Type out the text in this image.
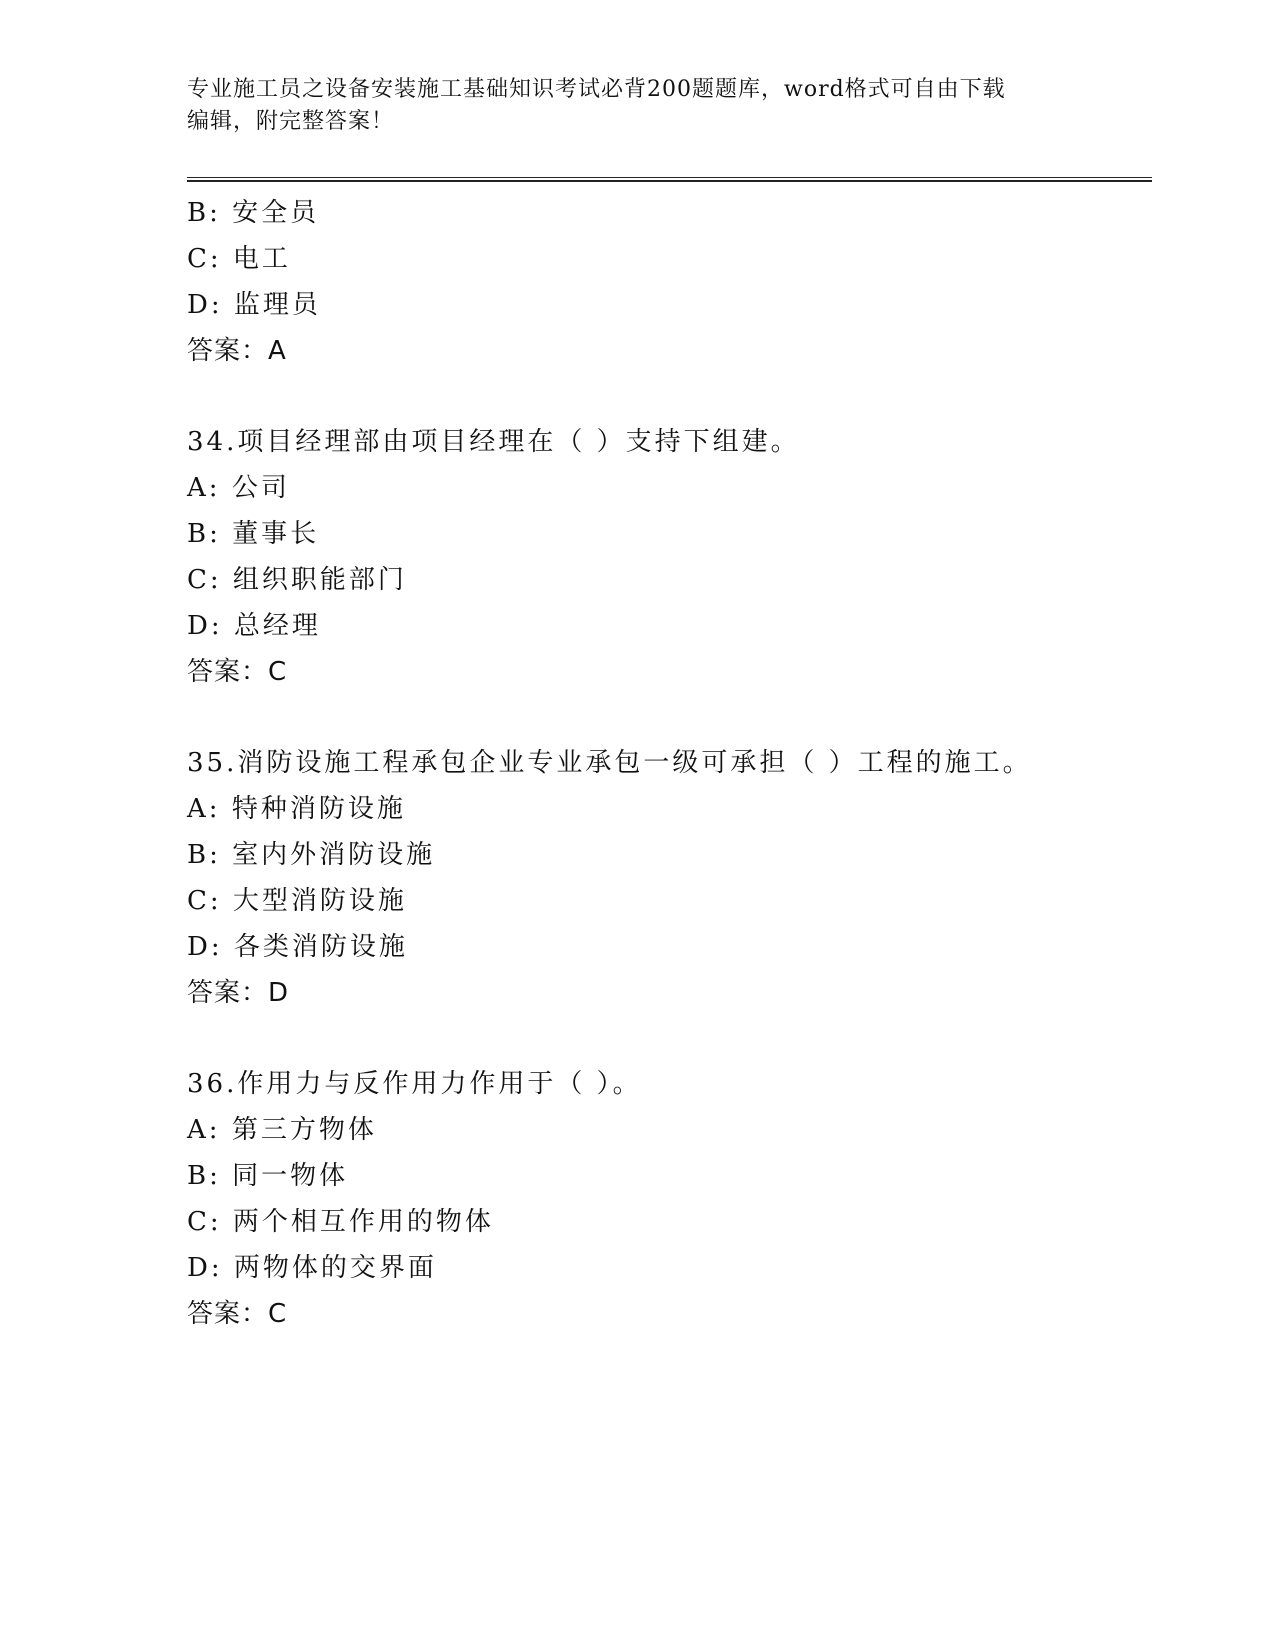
专业施工员之设备安装施工基础知识考试必背200题题库，word格式可自由下载
编辑，附完整答案！
B: 安全员
C: 电工
D: 监理员
答案：A
34.项目经理部由项目经理在（ ）支持下组建。
A: 公司
B: 董事长
C: 组织职能部门
D: 总经理
答案：C
35.消防设施工程承包企业专业承包一级可承担（ ）工程的施工。
A: 特种消防设施
B: 室内外消防设施
C: 大型消防设施
D: 各类消防设施
答案：D
36.作用力与反作用力作用于（ ）。
A: 第三方物体
B: 同一物体
C: 两个相互作用的物体
D: 两物体的交界面
答案：C
